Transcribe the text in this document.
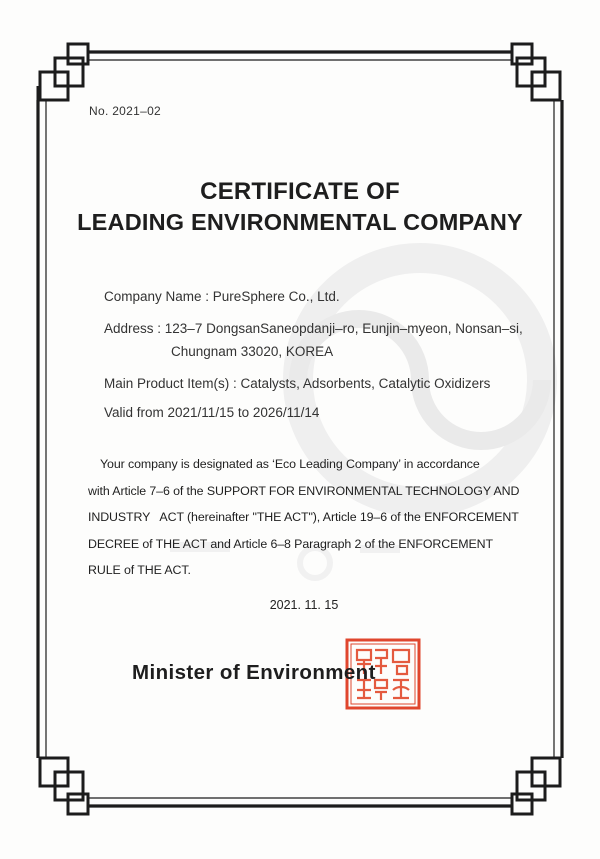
No. 2021–02
CERTIFICATE OF
LEADING ENVIRONMENTAL COMPANY
Company Name : PureSphere Co., Ltd.
Address : 123–7 DongsanSaneopdanji–ro, Eunjin–myeon, Nonsan–si,
Chungnam 33020, KOREA
Main Product Item(s) : Catalysts, Adsorbents, Catalytic Oxidizers
Valid from 2021/11/15 to 2026/11/14
Your company is designated as ‘Eco Leading Company’ in accordance
with Article 7–6 of the SUPPORT FOR ENVIRONMENTAL TECHNOLOGY AND
INDUSTRY   ACT (hereinafter "THE ACT"), Article 19–6 of the ENFORCEMENT
DECREE of THE ACT and Article 6–8 Paragraph 2 of the ENFORCEMENT
RULE of THE ACT.
2021. 11. 15
Minister of Environment
